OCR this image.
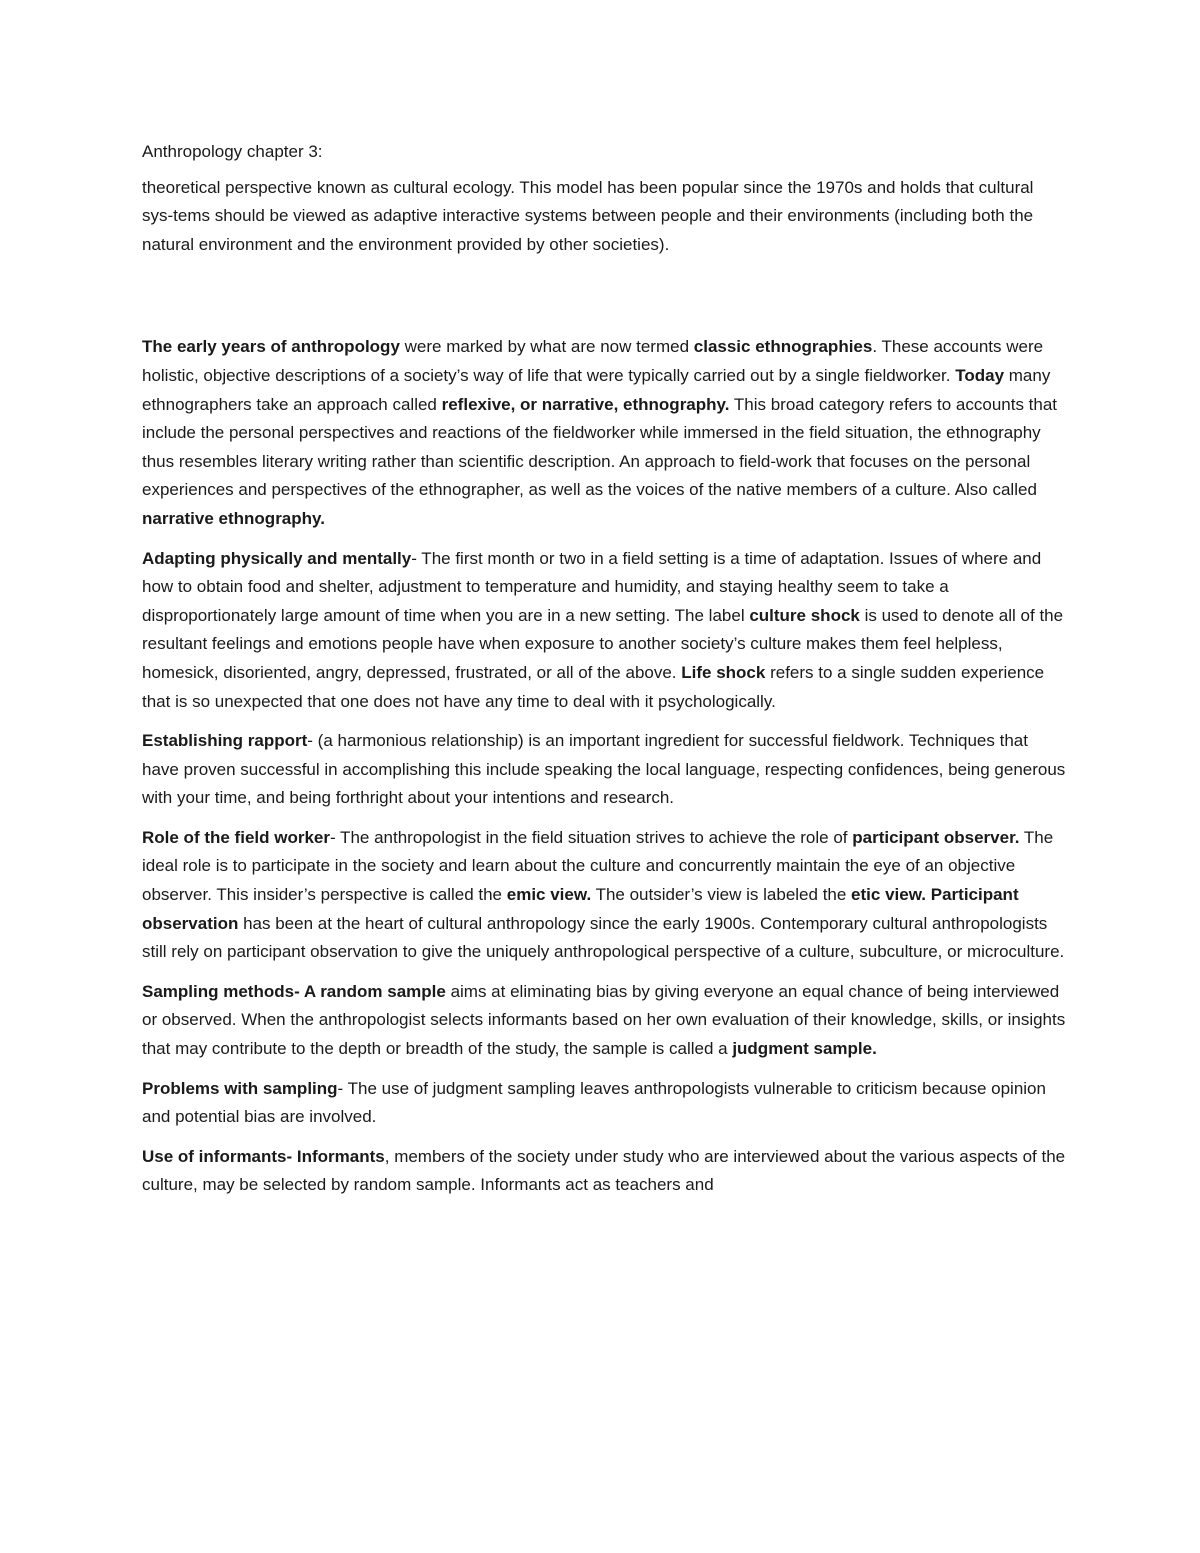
Anthropology chapter 3:

theoretical perspective known as cultural ecology. This model has been popular since the 1970s and holds that cultural sys-tems should be viewed as adaptive interactive systems between people and their environments (including both the natural environment and the environment provided by other societies).

The early years of anthropology were marked by what are now termed classic ethnographies. These accounts were holistic, objective descriptions of a society’s way of life that were typically carried out by a single fieldworker. Today many ethnographers take an approach called reflexive, or narrative, ethnography. This broad category refers to accounts that include the personal perspectives and reactions of the fieldworker while immersed in the field situation, the ethnography thus resembles literary writing rather than scientific description. An approach to field-work that focuses on the personal experiences and perspectives of the ethnographer, as well as the voices of the native members of a culture. Also called narrative ethnography.

Adapting physically and mentally- The first month or two in a field setting is a time of adaptation. Issues of where and how to obtain food and shelter, adjustment to temperature and humidity, and staying healthy seem to take a disproportionately large amount of time when you are in a new setting. The label culture shock is used to denote all of the resultant feelings and emotions people have when exposure to another society’s culture makes them feel helpless, homesick, disoriented, angry, depressed, frustrated, or all of the above. Life shock refers to a single sudden experience that is so unexpected that one does not have any time to deal with it psychologically.

Establishing rapport- (a harmonious relationship) is an important ingredient for successful fieldwork. Techniques that have proven successful in accomplishing this include speaking the local language, respecting confidences, being generous with your time, and being forthright about your intentions and research.

Role of the field worker- The anthropologist in the field situation strives to achieve the role of participant observer. The ideal role is to participate in the society and learn about the culture and concurrently maintain the eye of an objective observer. This insider’s perspective is called the emic view. The outsider’s view is labeled the etic view. Participant observation has been at the heart of cultural anthropology since the early 1900s. Contemporary cultural anthropologists still rely on participant observation to give the uniquely anthropological perspective of a culture, subculture, or microculture.

Sampling methods- A random sample aims at eliminating bias by giving everyone an equal chance of being interviewed or observed. When the anthropologist selects informants based on her own evaluation of their knowledge, skills, or insights that may contribute to the depth or breadth of the study, the sample is called a judgment sample.

Problems with sampling- The use of judgment sampling leaves anthropologists vulnerable to criticism because opinion and potential bias are involved.

Use of informants- Informants, members of the society under study who are interviewed about the various aspects of the culture, may be selected by random sample. Informants act as teachers and
